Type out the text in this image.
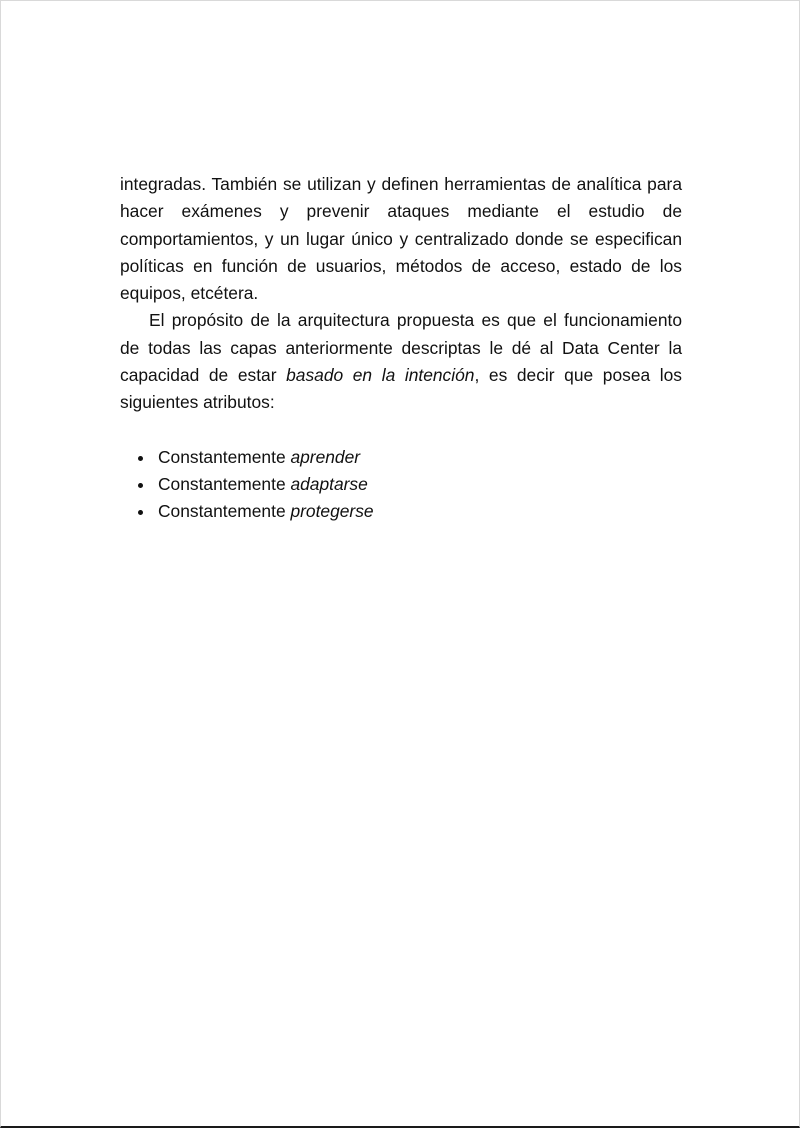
integradas. También se utilizan y definen herramientas de analítica para hacer exámenes y prevenir ataques mediante el estudio de comportamientos, y un lugar único y centralizado donde se especifican políticas en función de usuarios, métodos de acceso, estado de los equipos, etcétera.

El propósito de la arquitectura propuesta es que el funcionamiento de todas las capas anteriormente descriptas le dé al Data Center la capacidad de estar basado en la intención, es decir que posea los siguientes atributos:

Constantemente aprender
Constantemente adaptarse
Constantemente protegerse
